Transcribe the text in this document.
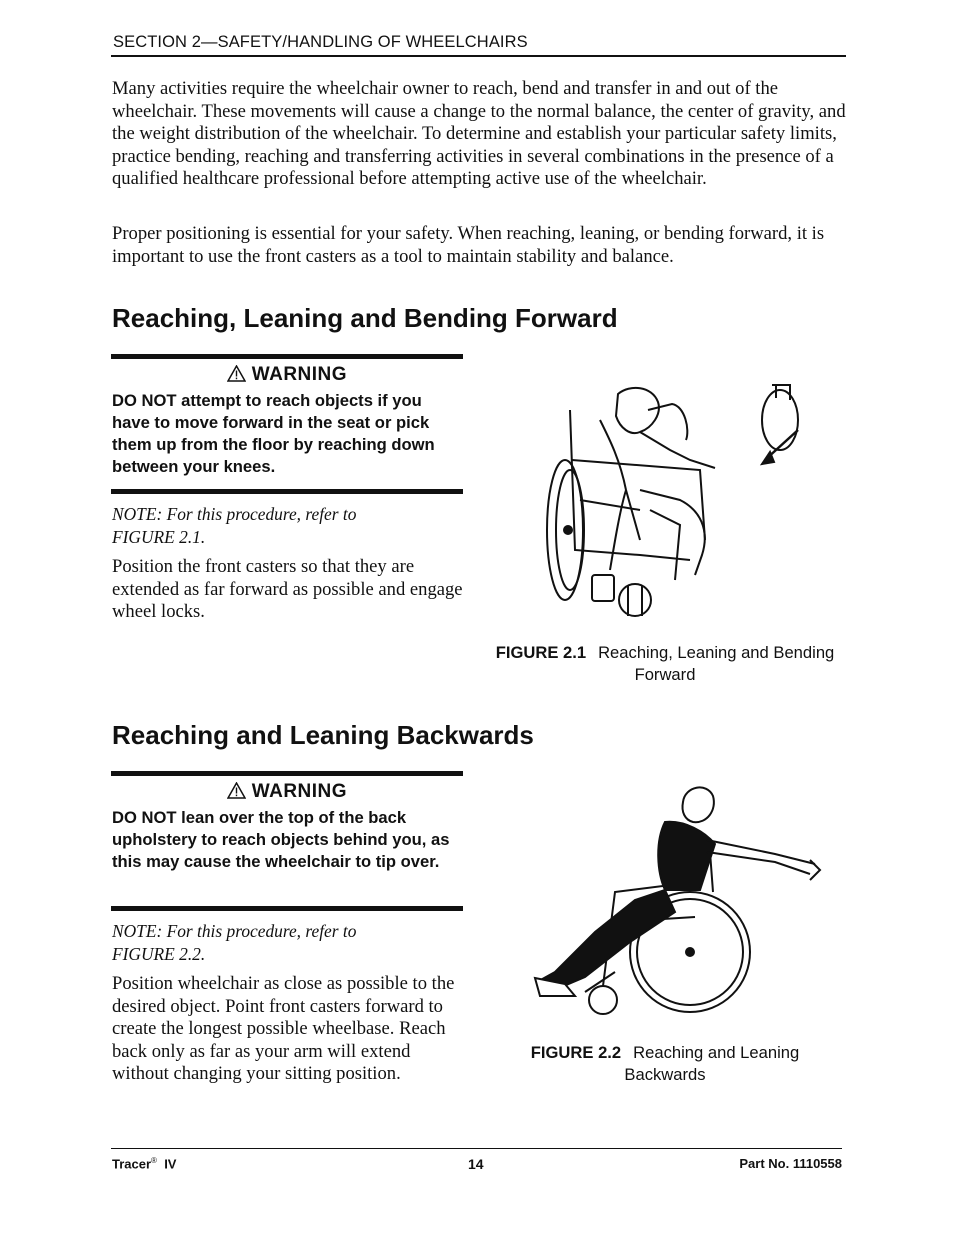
SECTION 2—SAFETY/HANDLING OF WHEELCHAIRS
Many activities require the wheelchair owner to reach, bend and transfer in and out of the wheelchair. These movements will cause a change to the normal balance, the center of gravity, and the weight distribution of the wheelchair. To determine and establish your particular safety limits, practice bending, reaching and transferring activities in several combinations in the presence of a qualified healthcare professional before attempting active use of the wheelchair.
Proper positioning is essential for your safety. When reaching, leaning, or bending forward, it is important to use the front casters as a tool to maintain stability and balance.
Reaching, Leaning and Bending Forward
WARNING
DO NOT attempt to reach objects if you have to move forward in the seat or pick them up from the floor by reaching down between your knees.
NOTE: For this procedure, refer to FIGURE 2.1.
Position the front casters so that they are extended as far forward as possible and engage wheel locks.
FIGURE 2.1 Reaching, Leaning and Bending Forward
Reaching and Leaning Backwards
WARNING
DO NOT lean over the top of the back upholstery to reach objects behind you, as this may cause the wheelchair to tip over.
NOTE: For this procedure, refer to FIGURE 2.2.
Position wheelchair as close as possible to the desired object. Point front casters forward to create the longest possible wheelbase. Reach back only as far as your arm will extend without changing your sitting position.
FIGURE 2.2 Reaching and Leaning Backwards
Tracer® IV	14	Part No. 1110558
